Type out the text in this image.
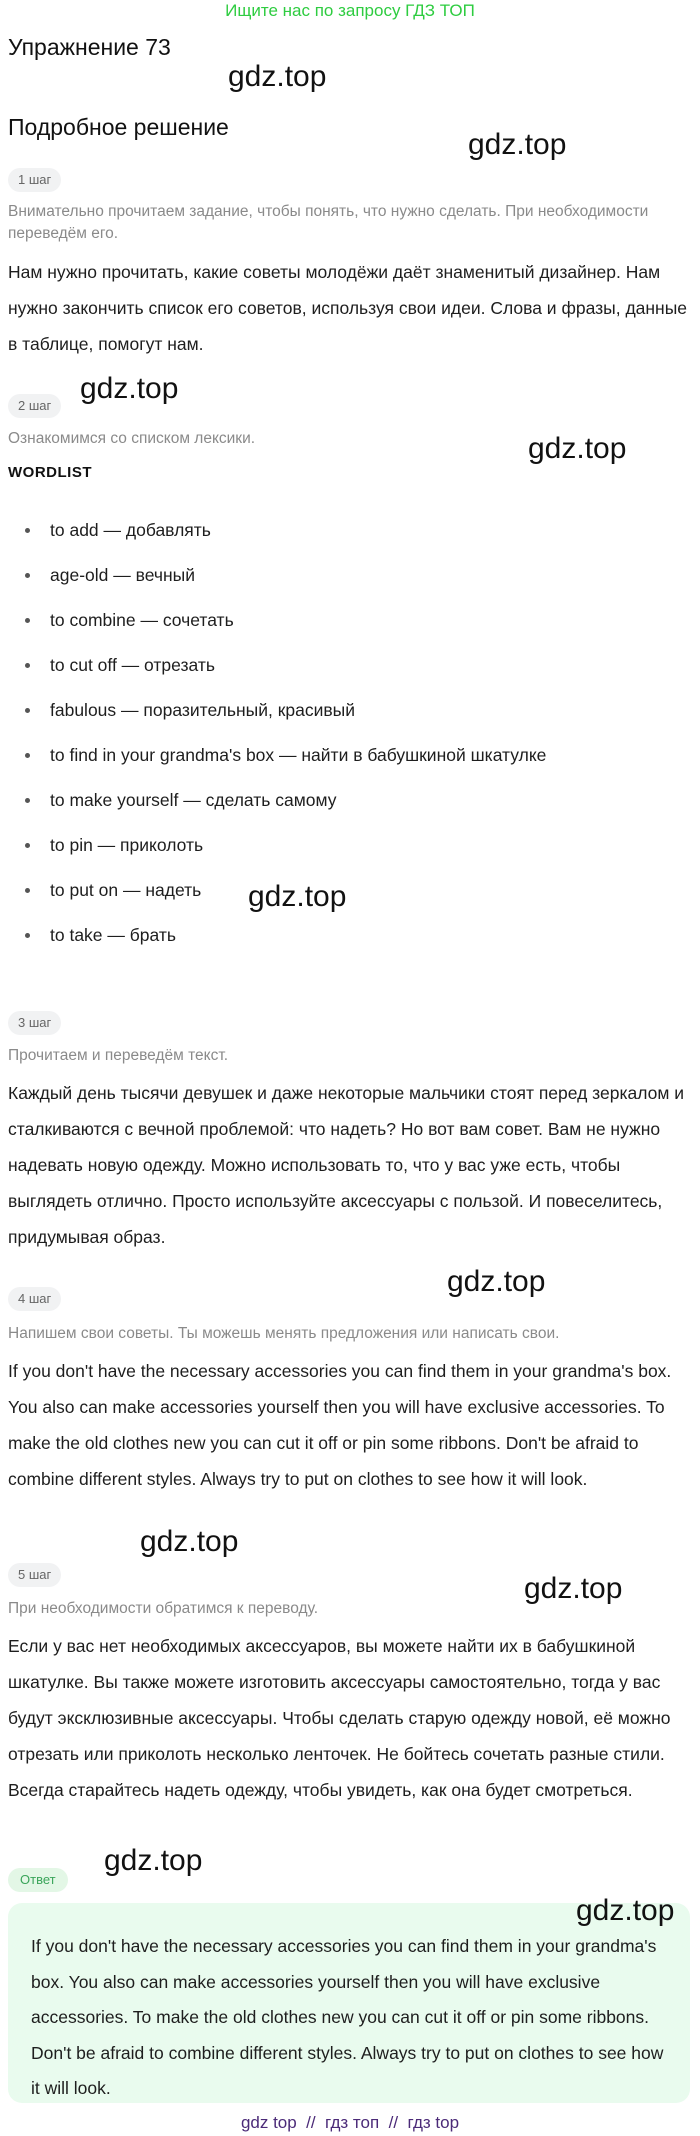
Ищите нас по запросу ГДЗ ТОП
Упражнение 73
Подробное решение
1 шаг

Внимательно прочитаем задание, чтобы понять, что нужно сделать. При необходимости переведём его.

Нам нужно прочитать, какие советы молодёжи даёт знаменитый дизайнер. Нам нужно закончить список его советов, используя свои идеи. Слова и фразы, данные в таблице, помогут нам.

2 шаг

Ознакомимся со списком лексики.

WORDLIST

to add — добавлять
age-old — вечный
to combine — сочетать
to cut off — отрезать
fabulous — поразительный, красивый
to find in your grandma's box — найти в бабушкиной шкатулке
to make yourself — сделать самому
to pin — приколоть
to put on — надеть
to take — брать
3 шаг

Прочитаем и переведём текст.

Каждый день тысячи девушек и даже некоторые мальчики стоят перед зеркалом и сталкиваются с вечной проблемой: что надеть? Но вот вам совет. Вам не нужно надевать новую одежду. Можно использовать то, что у вас уже есть, чтобы выглядеть отлично. Просто используйте аксессуары с пользой. И повеселитесь, придумывая образ.

4 шаг

Напишем свои советы. Ты можешь менять предложения или написать свои.

If you don't have the necessary accessories you can find them in your grandma's box. You also can make accessories yourself then you will have exclusive accessories. To make the old clothes new you can cut it off or pin some ribbons. Don't be afraid to combine different styles. Always try to put on clothes to see how it will look.

5 шаг

При необходимости обратимся к переводу.

Если у вас нет необходимых аксессуаров, вы можете найти их в бабушкиной шкатулке. Вы также можете изготовить аксессуары самостоятельно, тогда у вас будут эксклюзивные аксессуары. Чтобы сделать старую одежду новой, её можно отрезать или приколоть несколько ленточек. Не бойтесь сочетать разные стили. Всегда старайтесь надеть одежду, чтобы увидеть, как она будет смотреться.

Ответ

If you don't have the necessary accessories you can find them in your grandma's box. You also can make accessories yourself then you will have exclusive accessories. To make the old clothes new you can cut it off or pin some ribbons. Don't be afraid to combine different styles. Always try to put on clothes to see how it will look.

gdz.top
gdz.top
gdz.top
gdz.top
gdz.top
gdz.top
gdz.top
gdz.top
gdz.top
gdz.top
gdz top  //  гдз топ  //  гдз top
